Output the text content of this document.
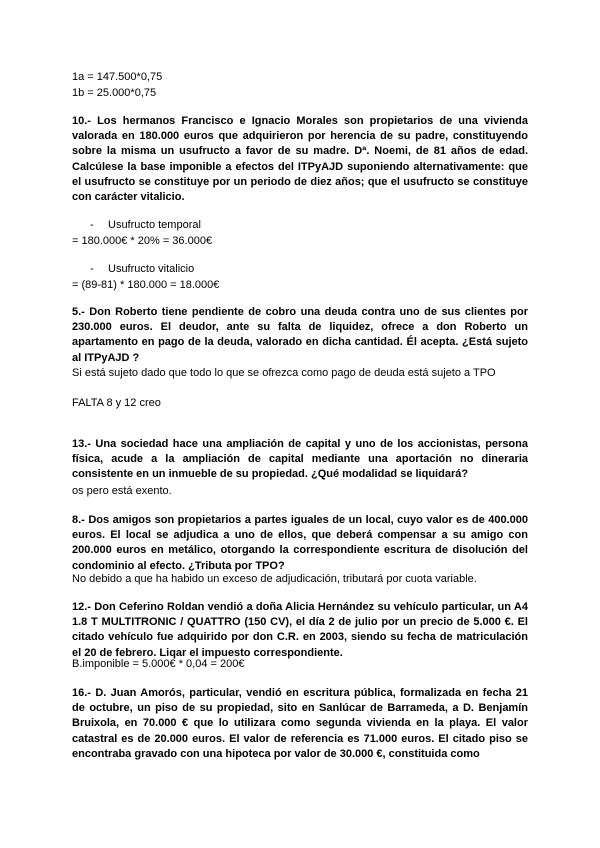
1a = 147.500*0,75
1b = 25.000*0,75
10.- Los hermanos Francisco e Ignacio Morales son propietarios de una vivienda valorada en 180.000 euros que adquirieron por herencia de su padre, constituyendo sobre la misma un usufructo a favor de su madre. Dª. Noemi, de 81 años de edad. Calcúlese la base imponible a efectos del ITPyAJD suponiendo alternativamente: que el usufructo se constituye por un periodo de diez años; que el usufructo se constituye con carácter vitalicio.
- Usufructo temporal
= 180.000€ * 20% = 36.000€
- Usufructo vitalicio
= (89-81) * 180.000 = 18.000€
5.- Don Roberto tiene pendiente de cobro una deuda contra uno de sus clientes por 230.000 euros. El deudor, ante su falta de liquidez, ofrece a don Roberto un apartamento en pago de la deuda, valorado en dicha cantidad. Él acepta. ¿Está sujeto al ITPyAJD ?
Si está sujeto dado que todo lo que se ofrezca como pago de deuda está sujeto a TPO
FALTA 8 y 12 creo
13.- Una sociedad hace una ampliación de capital y uno de los accionistas, persona física, acude a la ampliación de capital mediante una aportación no dineraria consistente en un inmueble de su propiedad. ¿Qué modalidad se liquidará?
os pero está exento.
8.- Dos amigos son propietarios a partes iguales de un local, cuyo valor es de 400.000 euros. El local se adjudica a uno de ellos, que deberá compensar a su amigo con 200.000 euros en metálico, otorgando la correspondiente escritura de disolución del condominio al efecto. ¿Tributa por TPO?
No debido a que ha habido un exceso de adjudicación, tributará por cuota variable.
12.- Don Ceferino Roldan vendió a doña Alicia Hernández su vehículo particular, un A4 1.8 T MULTITRONIC / QUATTRO (150 CV), el día 2 de julio por un precio de 5.000 €. El citado vehículo fue adquirido por don C.R. en 2003, siendo su fecha de matriculación el 20 de febrero. Liqar el impuesto correspondiente.
B.imponible = 5.000€ * 0,04 = 200€
16.- D. Juan Amorós, particular, vendió en escritura pública, formalizada en fecha 21 de octubre, un piso de su propiedad, sito en Sanlúcar de Barrameda, a D. Benjamín Bruixola, en 70.000 € que lo utilizara como segunda vivienda en la playa. El valor catastral es de 20.000 euros. El valor de referencia es 71.000 euros. El citado piso se encontraba gravado con una hipoteca por valor de 30.000 €, constituida como
